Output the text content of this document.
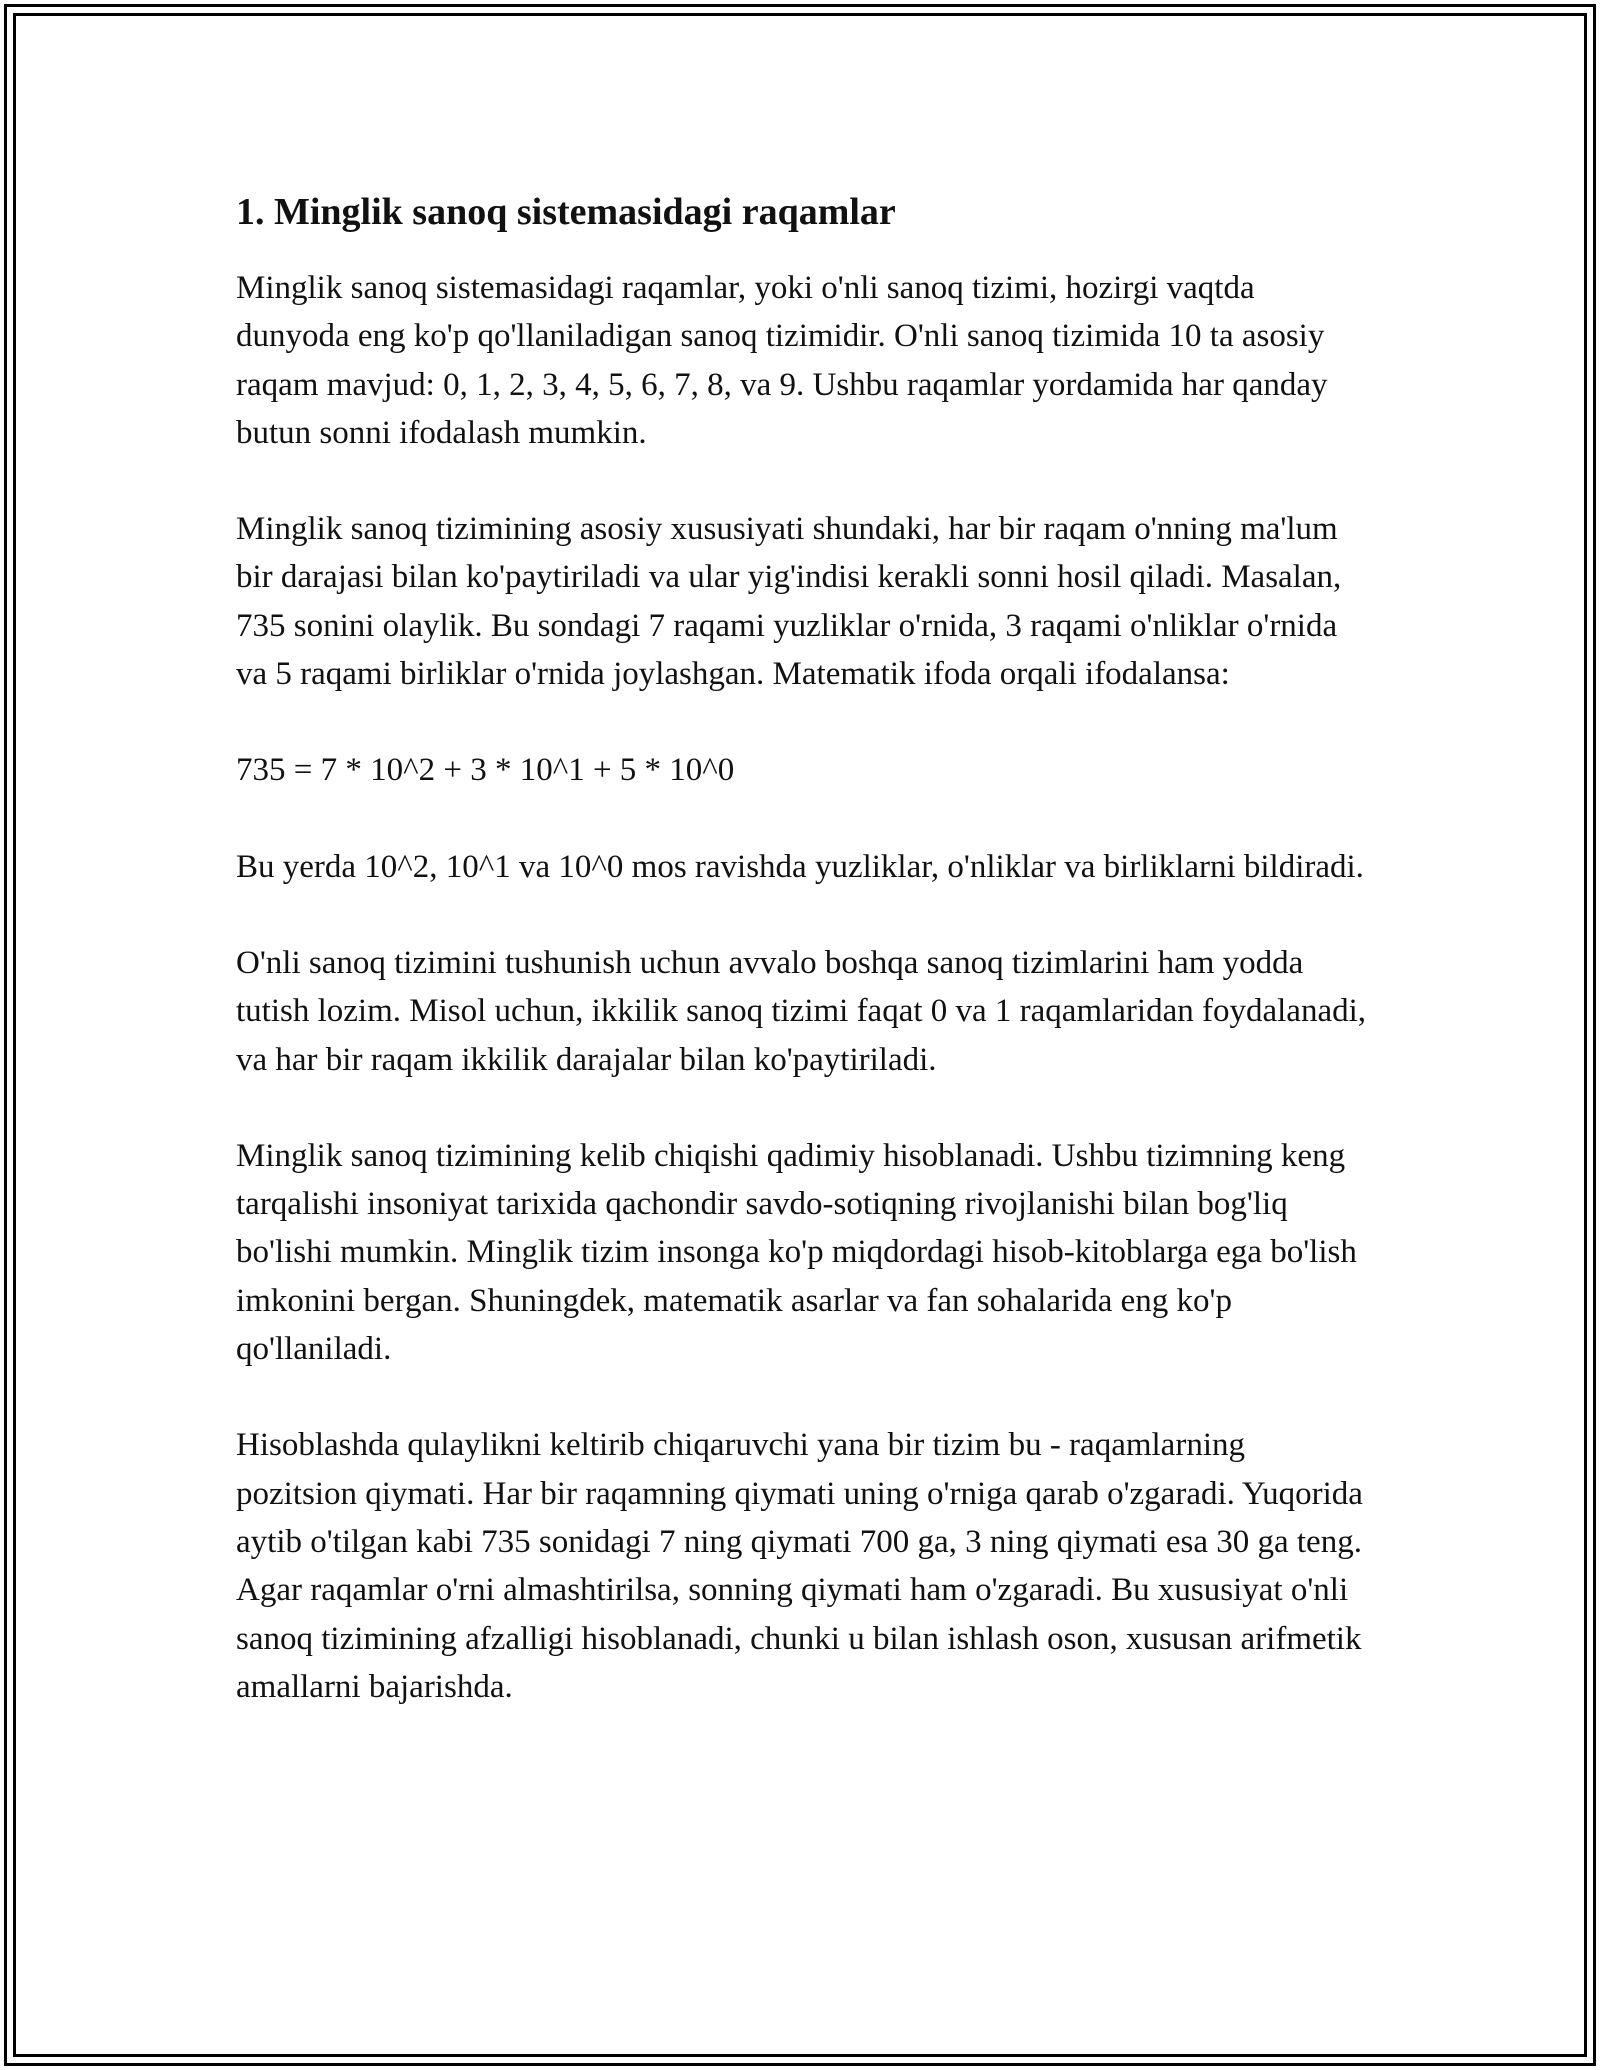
1. Minglik sanoq sistemasidagi raqamlar

Minglik sanoq sistemasidagi raqamlar, yoki o'nli sanoq tizimi, hozirgi vaqtda dunyoda eng ko'p qo'llaniladigan sanoq tizimidir. O'nli sanoq tizimida 10 ta asosiy raqam mavjud: 0, 1, 2, 3, 4, 5, 6, 7, 8, va 9. Ushbu raqamlar yordamida har qanday butun sonni ifodalash mumkin.

Minglik sanoq tizimining asosiy xususiyati shundaki, har bir raqam o'nning ma'lum bir darajasi bilan ko'paytiriladi va ular yig'indisi kerakli sonni hosil qiladi. Masalan, 735 sonini olaylik. Bu sondagi 7 raqami yuzliklar o'rnida, 3 raqami o'nliklar o'rnida va 5 raqami birliklar o'rnida joylashgan. Matematik ifoda orqali ifodalansa:

735 = 7 * 10^2 + 3 * 10^1 + 5 * 10^0

Bu yerda 10^2, 10^1 va 10^0 mos ravishda yuzliklar, o'nliklar va birliklarni bildiradi.

O'nli sanoq tizimini tushunish uchun avvalo boshqa sanoq tizimlarini ham yodda tutish lozim. Misol uchun, ikkilik sanoq tizimi faqat 0 va 1 raqamlaridan foydalanadi, va har bir raqam ikkilik darajalar bilan ko'paytiriladi.

Minglik sanoq tizimining kelib chiqishi qadimiy hisoblanadi. Ushbu tizimning keng tarqalishi insoniyat tarixida qachondir savdo-sotiqning rivojlanishi bilan bog'liq bo'lishi mumkin. Minglik tizim insonga ko'p miqdordagi hisob-kitoblarga ega bo'lish imkonini bergan. Shuningdek, matematik asarlar va fan sohalarida eng ko'p qo'llaniladi.

Hisoblashda qulaylikni keltirib chiqaruvchi yana bir tizim bu - raqamlarning pozitsion qiymati. Har bir raqamning qiymati uning o'rniga qarab o'zgaradi. Yuqorida aytib o'tilgan kabi 735 sonidagi 7 ning qiymati 700 ga, 3 ning qiymati esa 30 ga teng. Agar raqamlar o'rni almashtirilsa, sonning qiymati ham o'zgaradi. Bu xususiyat o'nli sanoq tizimining afzalligi hisoblanadi, chunki u bilan ishlash oson, xususan arifmetik amallarni bajarishda.
